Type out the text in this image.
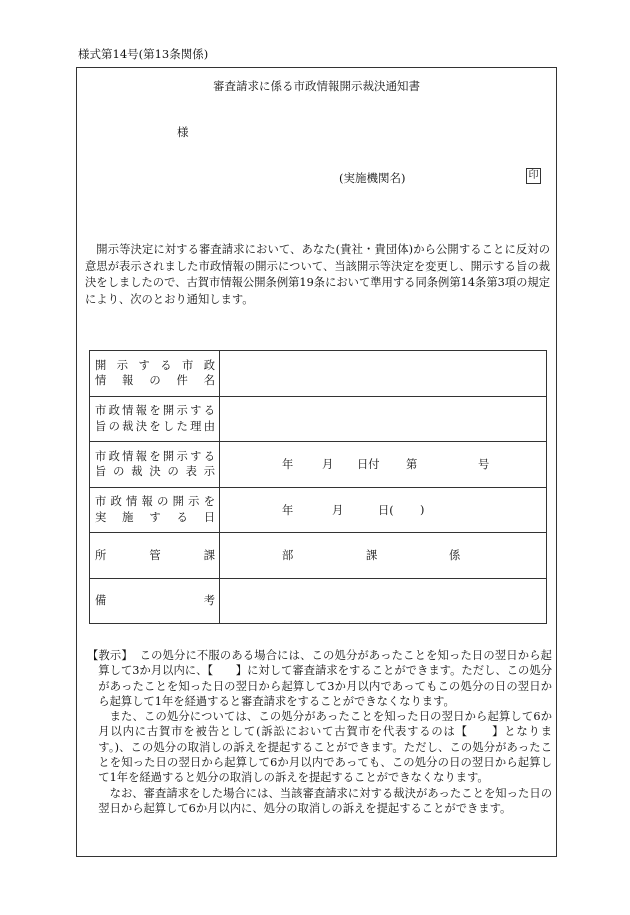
様式第14号(第13条関係)
審査請求に係る市政情報開示裁決通知書
様
(実施機関名)	印

開示等決定に対する審査請求において、あなた(貴社・貴団体)から公開することに反対の意思が表示されました市政情報の開示について、当該開示等決定を変更し、開示する旨の裁決をしましたので、古賀市情報公開条例第19条において準用する同条例第14条第3項の規定により、次のとおり通知します。

開示する市政
情報の件名	

市政情報を開示する
旨の裁決をした理由	

市政情報を開示する
旨の裁決の表示	年 月 日付 第 号

市政情報の開示を
実施する日	年 月 日( )

所管課	部 課 係

備考	

【教示】 この処分に不服のある場合には、この処分があったことを知った日の翌日から起算して3か月以内に、【　　】に対して審査請求をすることができます。ただし、この処分があったことを知った日の翌日から起算して3か月以内であってもこの処分の日の翌日から起算して1年を経過すると審査請求をすることができなくなります。

また、この処分については、この処分があったことを知った日の翌日から起算して6か月以内に古賀市を被告として(訴訟において古賀市を代表するのは【　　】となります。)、この処分の取消しの訴えを提起することができます。ただし、この処分があったことを知った日の翌日から起算して6か月以内であっても、この処分の日の翌日から起算して1年を経過すると処分の取消しの訴えを提起することができなくなります。

なお、審査請求をした場合には、当該審査請求に対する裁決があったことを知った日の翌日から起算して6か月以内に、処分の取消しの訴えを提起することができます。
